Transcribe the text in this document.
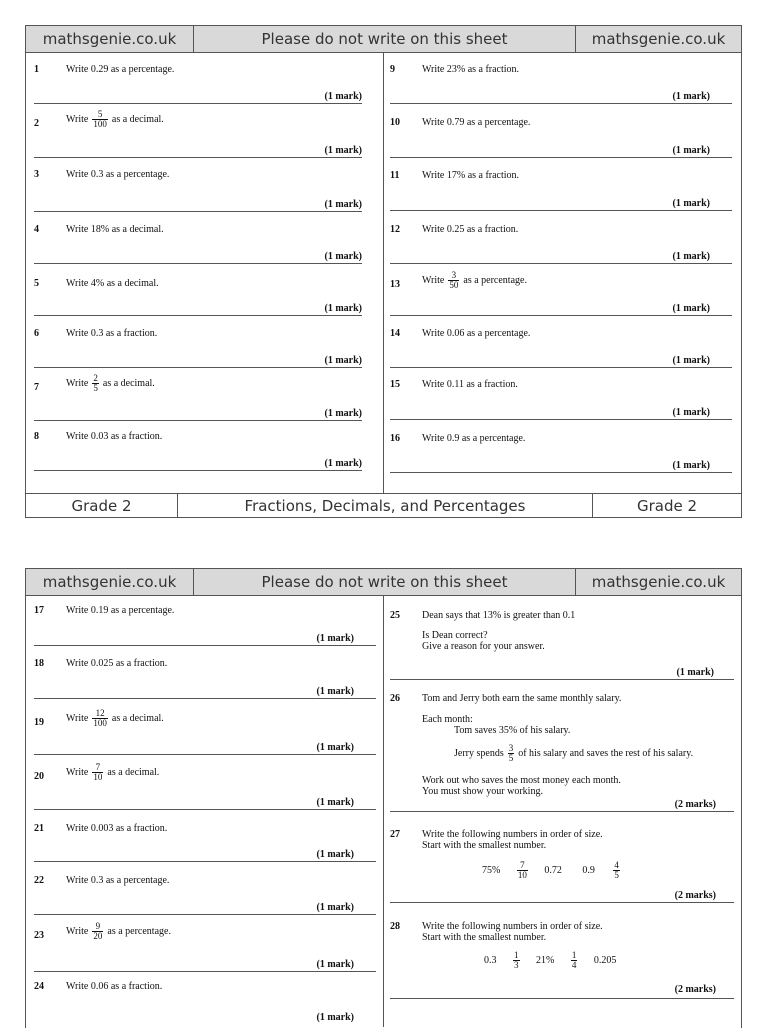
mathsgenie.co.uk	Please do not write on this sheet	mathsgenie.co.uk
1	Write 0.29 as a percentage.
(1 mark)
2	Write $\frac{5}{100}$ as a decimal.
(1 mark)
3	Write 0.3 as a percentage.
(1 mark)
4	Write 18% as a decimal.
(1 mark)
5	Write 4% as a decimal.
(1 mark)
6	Write 0.3 as a fraction.
(1 mark)
7	Write $\frac{2}{5}$ as a decimal.
(1 mark)
8	Write 0.03 as a fraction.
(1 mark)
9	Write 23% as a fraction.
(1 mark)
10 Write 0.79 as a percentage.
(1 mark)
11 Write 17% as a fraction.
(1 mark)
12 Write 0.25 as a fraction.
(1 mark)
13 Write $\frac{3}{50}$ as a percentage.
(1 mark)
14 Write 0.06 as a percentage.
(1 mark)
15 Write 0.11 as a fraction.
(1 mark)
16 Write 0.9 as a percentage.
(1 mark)
Grade 2	Fractions, Decimals, and Percentages	Grade 2
mathsgenie.co.uk	Please do not write on this sheet	mathsgenie.co.uk
17 Write 0.19 as a percentage.
(1 mark)
18 Write 0.025 as a fraction.
(1 mark)
19 Write $\frac{12}{100}$ as a decimal.
(1 mark)
20 Write $\frac{7}{10}$ as a decimal.
(1 mark)
21 Write 0.003 as a fraction.
(1 mark)
22 Write 0.3 as a percentage.
(1 mark)
23 Write $\frac{9}{20}$ as a percentage.
(1 mark)
24 Write 0.06 as a fraction.
(1 mark)
25 Dean says that 13% is greater than 0.1
Is Dean correct?
Give a reason for your answer.
(1 mark)
26 Tom and Jerry both earn the same monthly salary.
Each month:
Tom saves 35% of his salary.
Jerry spends $\frac{3}{5}$ of his salary and saves the rest of his salary.
Work out who saves the most money each month.
You must show your working.
(2 marks)
27 Write the following numbers in order of size.
Start with the smallest number.
$75\% \frac{7}{10} 0.72$ $0.9 \frac{4}{5}$
(2 marks)
28 Write the following numbers in order of size.
Start with the smallest number.
$0.3 \frac{1}{3} 21\% \frac{1}{4} 0.205$
(2 marks)
